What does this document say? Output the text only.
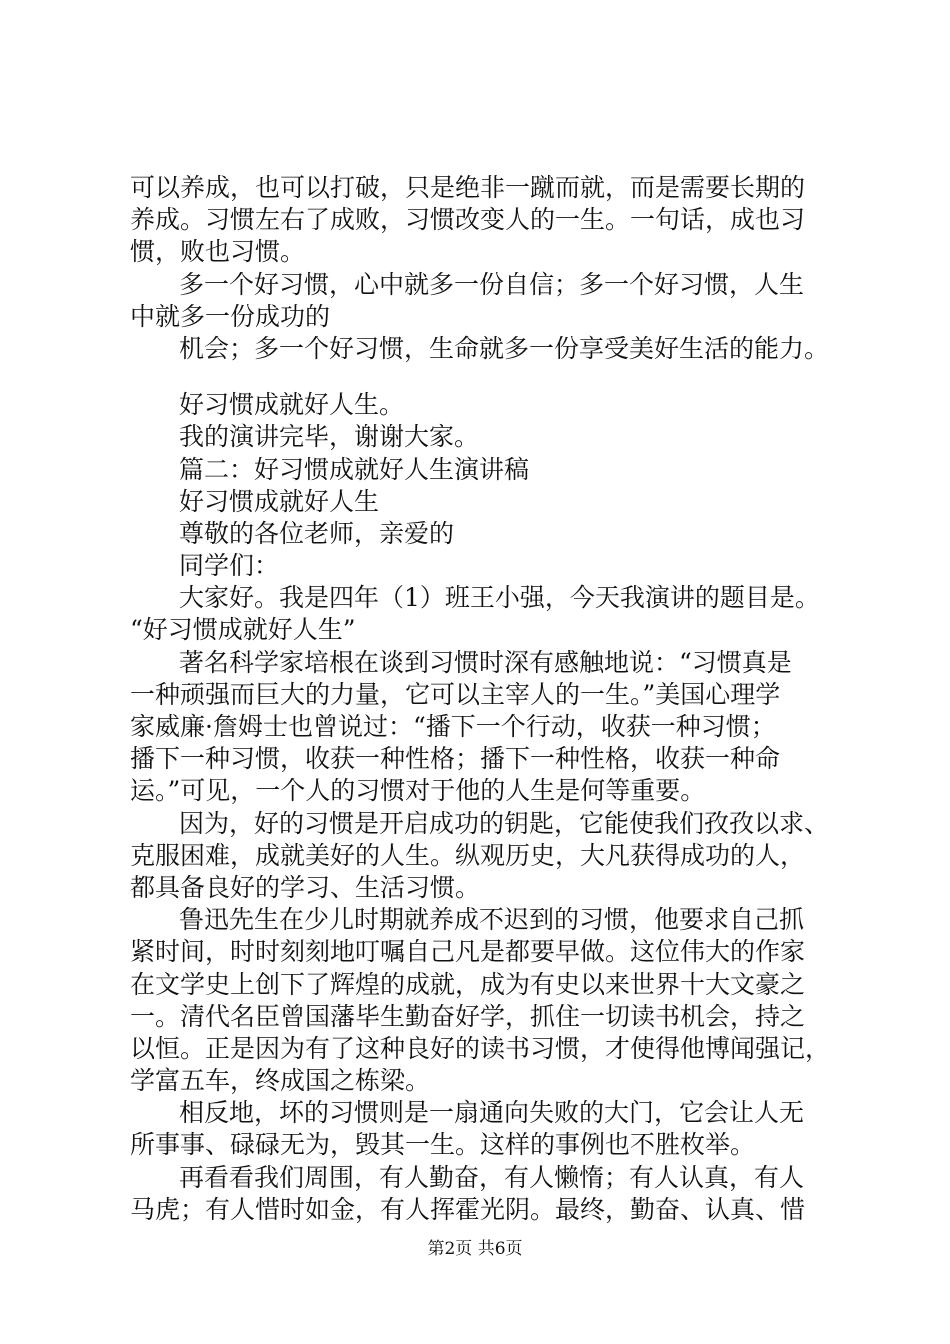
可以养成，也可以打破，只是绝非一蹴而就，而是需要长期的
养成。习惯左右了成败，习惯改变人的一生。一句话，成也习
惯，败也习惯。
多一个好习惯，心中就多一份自信；多一个好习惯，人生
中就多一份成功的
机会；多一个好习惯，生命就多一份享受美好生活的能力。
好习惯成就好人生。
我的演讲完毕，谢谢大家。
篇二：好习惯成就好人生演讲稿
好习惯成就好人生
尊敬的各位老师，亲爱的
同学们：
大家好。我是四年（1）班王小强，今天我演讲的题目是。
“好习惯成就好人生”
著名科学家培根在谈到习惯时深有感触地说：“习惯真是
一种顽强而巨大的力量，它可以主宰人的一生。”美国心理学
家威廉·詹姆士也曾说过：“播下一个行动，收获一种习惯；
播下一种习惯，收获一种性格；播下一种性格，收获一种命
运。”可见，一个人的习惯对于他的人生是何等重要。
因为，好的习惯是开启成功的钥匙，它能使我们孜孜以求、
克服困难，成就美好的人生。纵观历史，大凡获得成功的人，
都具备良好的学习、生活习惯。
鲁迅先生在少儿时期就养成不迟到的习惯，他要求自己抓
紧时间，时时刻刻地叮嘱自己凡是都要早做。这位伟大的作家
在文学史上创下了辉煌的成就，成为有史以来世界十大文豪之
一。清代名臣曾国藩毕生勤奋好学，抓住一切读书机会，持之
以恒。正是因为有了这种良好的读书习惯，才使得他博闻强记，
学富五车，终成国之栋梁。
相反地，坏的习惯则是一扇通向失败的大门，它会让人无
所事事、碌碌无为，毁其一生。这样的事例也不胜枚举。
再看看我们周围，有人勤奋，有人懒惰；有人认真，有人
马虎；有人惜时如金，有人挥霍光阴。最终，勤奋、认真、惜
第2页 共6页
